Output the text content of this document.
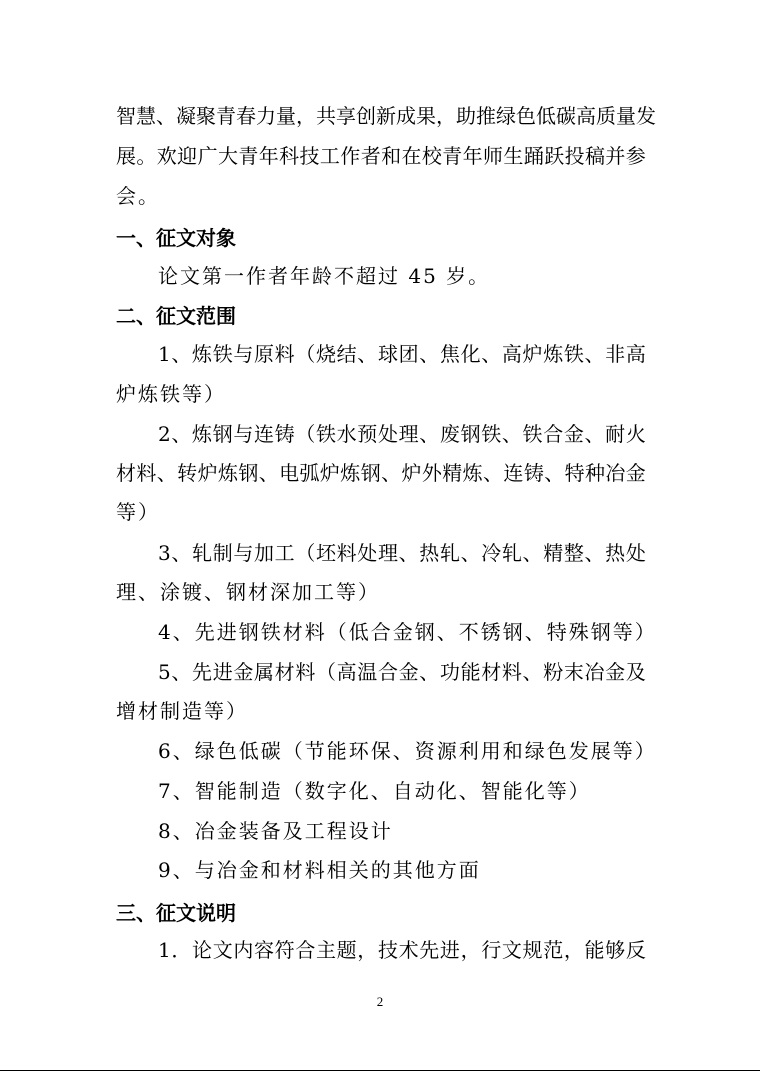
智 慧 、 凝 聚 青 春 力 量 ， 共 享 创 新 成 果 ， 助 推 绿 色 低 碳 高 质 量 发
展 。 欢 迎 广 大 青 年 科 技 工 作 者 和 在 校 青 年 师 生 踊 跃 投 稿 并 参
会。
一、征文对象
论文第一作者年龄不超过 45 岁。
二、征文范围
1 、 炼 铁 与 原 料 （ 烧 结 、 球 团 、 焦 化 、 高 炉 炼 铁 、 非 高
炉炼铁等）
2 、 炼 钢 与 连 铸 （ 铁 水 预 处 理 、 废 钢 铁 、 铁 合 金 、 耐 火
材 料 、 转 炉 炼 钢 、 电 弧 炉 炼 钢 、 炉 外 精 炼 、 连 铸 、 特 种 冶 金
等）
3 、 轧 制 与 加 工 （ 坯 料 处 理 、 热 轧 、 冷 轧 、 精 整 、 热 处
理、涂镀、钢材深加工等）
4、先进钢铁材料（低合金钢、不锈钢、特殊钢等）
5 、 先 进 金 属 材 料 （ 高 温 合 金 、 功 能 材 料 、 粉 末 冶 金 及
增材制造等）
6、绿色低碳（节能环保、资源利用和绿色发展等）
7、智能制造（数字化、自动化、智能化等）
8、冶金装备及工程设计
9、与冶金和材料相关的其他方面
三、征文说明
1 ． 论 文 内 容 符 合 主 题 ， 技 术 先 进 ， 行 文 规 范 ， 能 够 反
2
